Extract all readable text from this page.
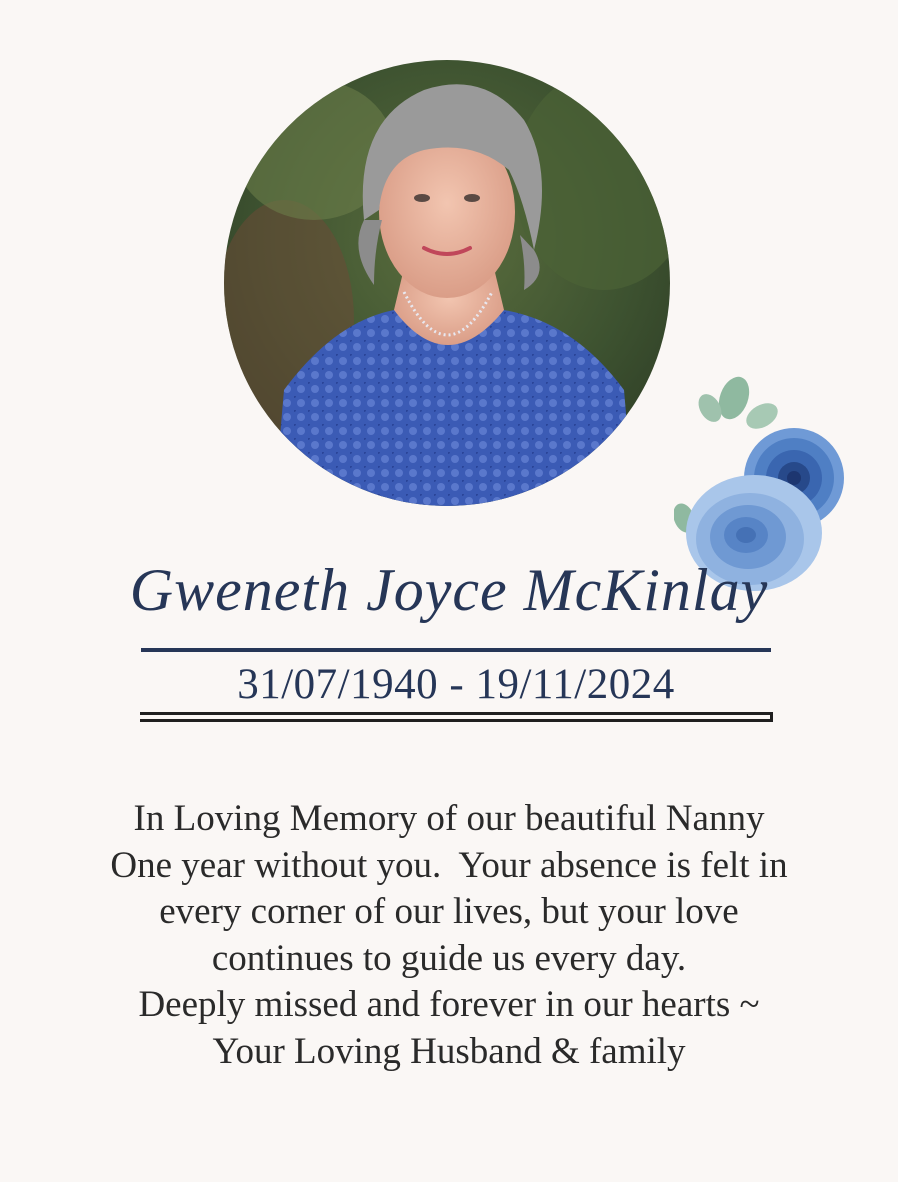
Gweneth Joyce McKinlay
31/07/1940 - 19/11/2024
In Loving Memory of our beautiful Nanny
One year without you.  Your absence is felt in
every corner of our lives, but your love
continues to guide us every day.
Deeply missed and forever in our hearts ~
Your Loving Husband & family
